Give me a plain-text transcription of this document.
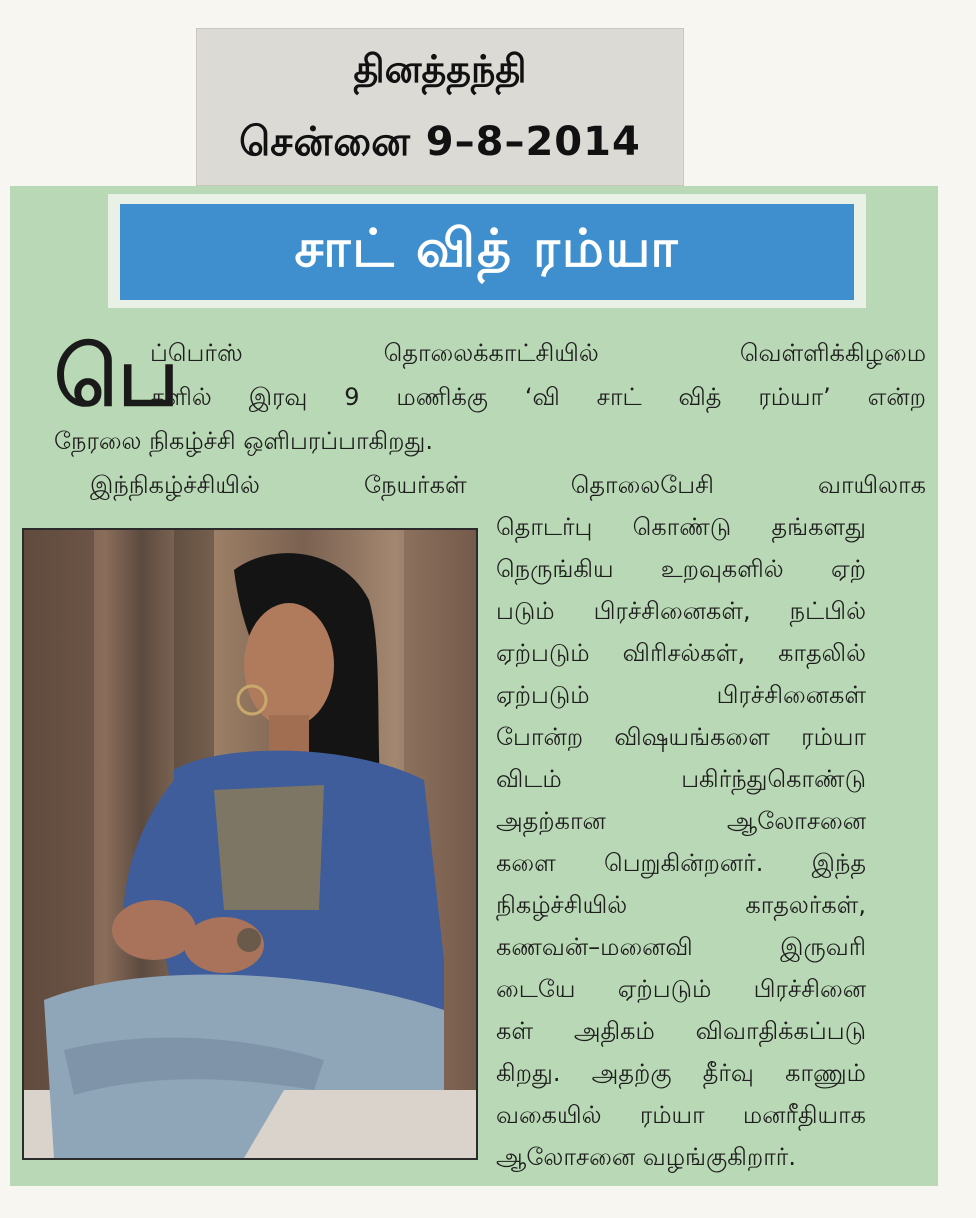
தினத்தந்தி
சென்னை 9–8–2014
சாட் வித் ரம்யா
பெ
ப்பெர்ஸ் தொலைக்காட்சியில் வெள்ளிக்கிழமை
களில் இரவு 9 மணிக்கு ‘வி சாட் வித் ரம்யா’ என்ற
நேரலை நிகழ்ச்சி ஒளிபரப்பாகிறது.
இந்நிகழ்ச்சியில் நேயர்கள் தொலைபேசி வாயிலாக
தொடர்பு கொண்டு தங்களது
நெருங்கிய உறவுகளில் ஏற்
படும் பிரச்சினைகள், நட்பில்
ஏற்படும் விரிசல்கள், காதலில்
ஏற்படும் பிரச்சினைகள்
போன்ற விஷயங்களை ரம்யா
விடம் பகிர்ந்துகொண்டு
அதற்கான ஆலோசனை
களை பெறுகின்றனர். இந்த
நிகழ்ச்சியில் காதலர்கள்,
கணவன்–மனைவி இருவரி
டையே ஏற்படும் பிரச்சினை
கள் அதிகம் விவாதிக்கப்படு
கிறது. அதற்கு தீர்வு காணும்
வகையில் ரம்யா மனரீதியாக
ஆலோசனை வழங்குகிறார்.
